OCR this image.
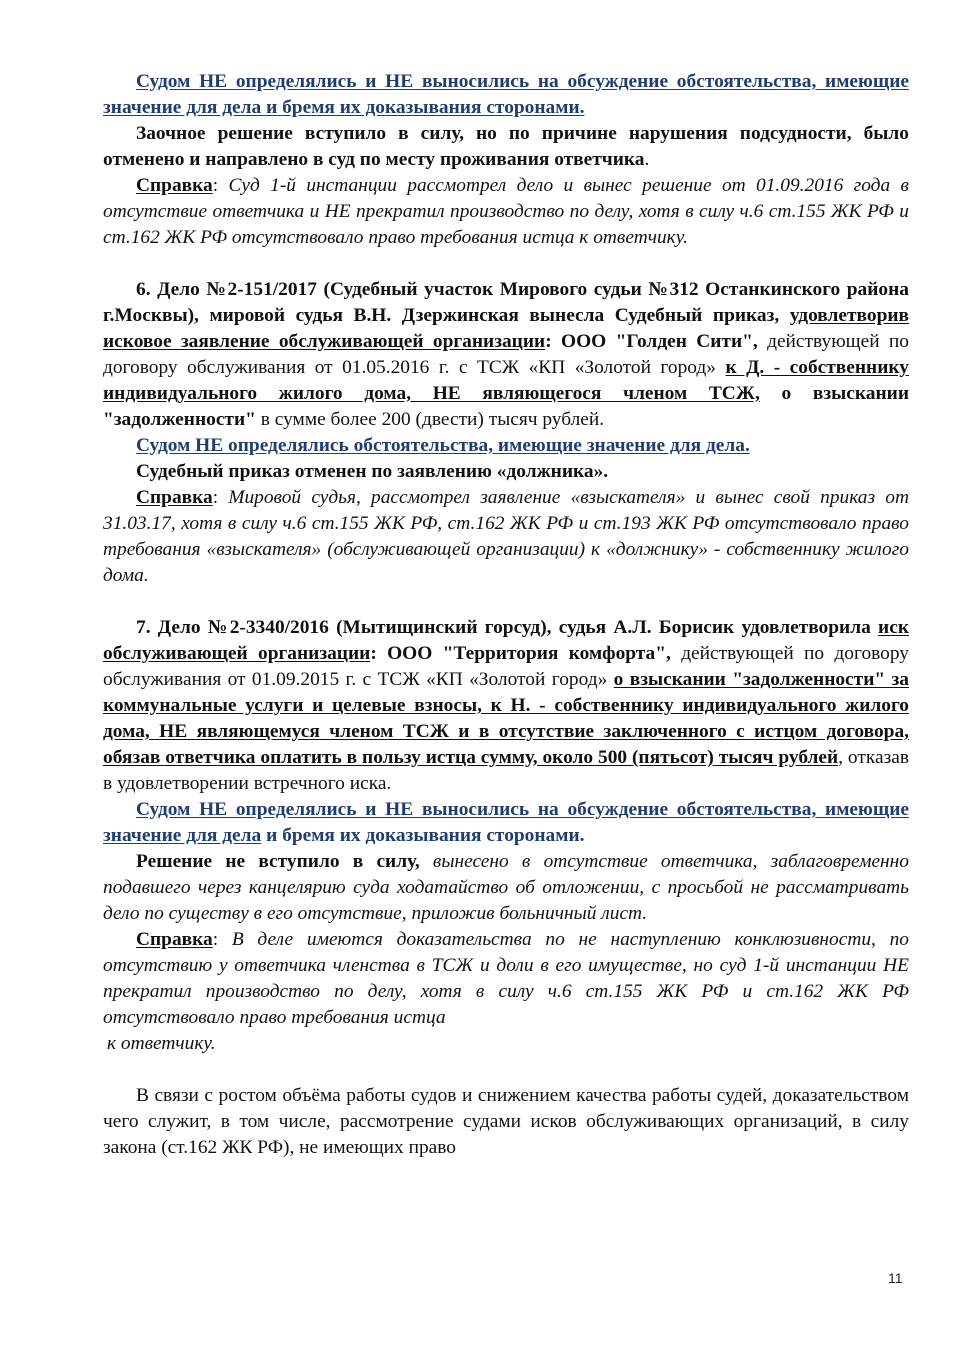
Судом НЕ определялись и НЕ выносились на обсуждение обстоятельства, имеющие значение для дела и бремя их доказывания сторонами.

Заочное решение вступило в силу, но по причине нарушения подсудности, было отменено и направлено в суд по месту проживания ответчика.

Справка: Суд 1-й инстанции рассмотрел дело и вынес решение от 01.09.2016 года в отсутствие ответчика и НЕ прекратил производство по делу, хотя в силу ч.6 ст.155 ЖК РФ и ст.162 ЖК РФ отсутствовало право требования истца к ответчику.

6. Дело №2-151/2017 (Судебный участок Мирового судьи №312 Останкинского района г.Москвы), мировой судья В.Н. Дзержинская вынесла Судебный приказ, удовлетворив исковое заявление обслуживающей организации: ООО "Голден Сити", действующей по договору обслуживания от 01.05.2016 г. с ТСЖ «КП «Золотой город» к Д. - собственнику индивидуального жилого дома, НЕ являющегося членом ТСЖ, о взыскании "задолженности" в сумме более 200 (двести) тысяч рублей.

Судом НЕ определялись обстоятельства, имеющие значение для дела.

Судебный приказ отменен по заявлению «должника».

Справка: Мировой судья, рассмотрел заявление «взыскателя» и вынес свой приказ от 31.03.17, хотя в силу ч.6 ст.155 ЖК РФ, ст.162 ЖК РФ и ст.193 ЖК РФ отсутствовало право требования «взыскателя» (обслуживающей организации) к «должнику» - собственнику жилого дома.

7. Дело №2-3340/2016 (Мытищинский горсуд), судья А.Л. Борисик удовлетворила иск обслуживающей организации: ООО "Территория комфорта", действующей по договору обслуживания от 01.09.2015 г. с ТСЖ «КП «Золотой город» о взыскании "задолженности" за коммунальные услуги и целевые взносы, к Н. - собственнику индивидуального жилого дома, НЕ являющемуся членом ТСЖ и в отсутствие заключенного с истцом договора, обязав ответчика оплатить в пользу истца сумму, около 500 (пятьсот) тысяч рублей, отказав в удовлетворении встречного иска.

Судом НЕ определялись и НЕ выносились на обсуждение обстоятельства, имеющие значение для дела и бремя их доказывания сторонами.

Решение не вступило в силу, вынесено в отсутствие ответчика, заблаговременно подавшего через канцелярию суда ходатайство об отложении, с просьбой не рассматривать дело по существу в его отсутствие, приложив больничный лист.

Справка: В деле имеются доказательства по не наступлению конклюзивности, по отсутствию у ответчика членства в ТСЖ и доли в его имуществе, но суд 1-й инстанции НЕ прекратил производство по делу, хотя в силу ч.6 ст.155 ЖК РФ и ст.162 ЖК РФ отсутствовало право требования истца

к ответчику.

В связи с ростом объёма работы судов и снижением качества работы судей, доказательством чего служит, в том числе, рассмотрение судами исков обслуживающих организаций, в силу закона (ст.162 ЖК РФ), не имеющих право

11
